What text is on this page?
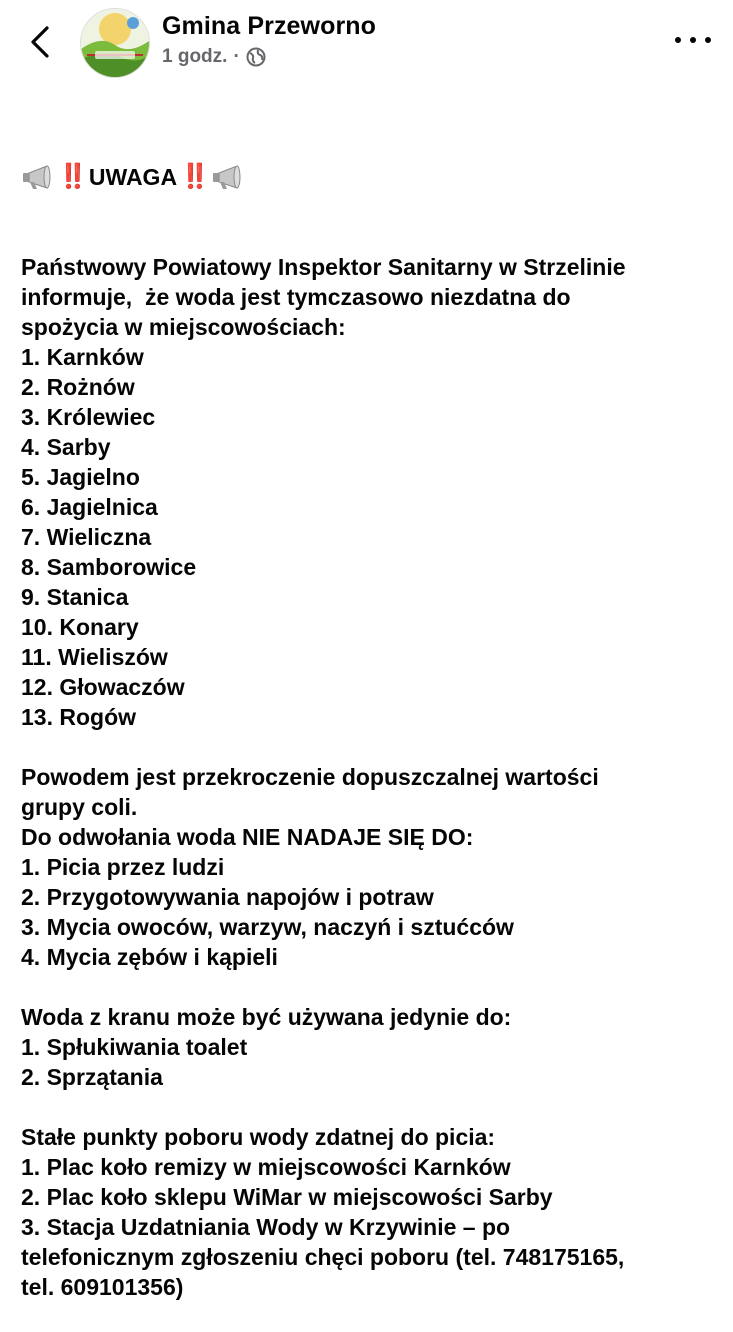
Gmina Przeworno
1 godz. ·

‼️ UWAGA ‼️

Państwowy Powiatowy Inspektor Sanitarny w Strzelinie
informuje,  że woda jest tymczasowo niezdatna do
spożycia w miejscowościach:
1. Karnków
2. Rożnów
3. Królewiec
4. Sarby
5. Jagielno
6. Jagielnica
7. Wieliczna
8. Samborowice
9. Stanica
10. Konary
11. Wieliszów
12. Głowaczów
13. Rogów
Powodem jest przekroczenie dopuszczalnej wartości
grupy coli.
Do odwołania woda NIE NADAJE SIĘ DO:
1. Picia przez ludzi
2. Przygotowywania napojów i potraw
3. Mycia owoców, warzyw, naczyń i sztućców
4. Mycia zębów i kąpieli
Woda z kranu może być używana jedynie do:
1. Spłukiwania toalet
2. Sprzątania
Stałe punkty poboru wody zdatnej do picia:
1. Plac koło remizy w miejscowości Karnków
2. Plac koło sklepu WiMar w miejscowości Sarby
3. Stacja Uzdatniania Wody w Krzywinie – po
telefonicznym zgłoszeniu chęci poboru (tel. 748175165,
tel. 609101356)
